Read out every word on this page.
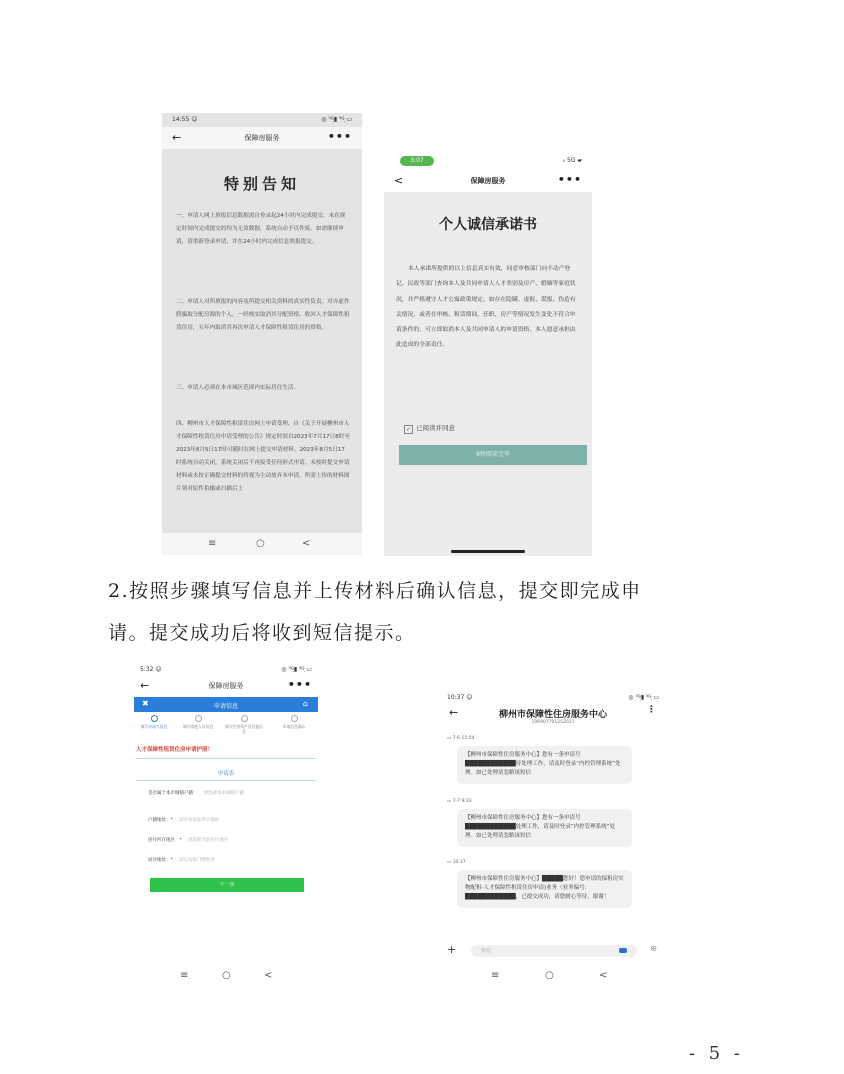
14:55 ☺	◎ ⁵ᴳ᷊▮ ⁵ᴳ᷊ ▭
←	保障房服务	•••
特别告知
一、申请人网上填报信息数据需自登录起24小时内完成提交，未在规定时间内完成提交的均为无效数据，系统自动予以作废。如需继续申请，请重新登录申请，并在24小时内完成信息填报提交。
二、申请人对所填报的内容及所提交相关资料的真实性负责。对弄虚作假骗取分配房源的个人，一经核实取消其分配资格，收回人才保障性租赁住房，五年内取消其再次申请人才保障性租赁住房的资格。
三、申请人必须在本市城区范围内实际居住生活。
四、柳州市人才保障性租赁住房网上申请受理，自《关于开展柳州市人才保障性租赁住房申请受理的公告》规定时间自2023年7月17日8时至2023年8月5日17时可随时在网上提交申请材料。2023年8月5日17时系统自动关闭，系统关闭后不再接受任何形式申请。未按时提交申请材料或未按正确提交材料的将视为主动放弃本申请，所需上传的材料图片须对原件拍摄或扫描后上
≡	○	<
3:07	ᵢₗ 5G ▰
<	保障房服务	•••
个人诚信承诺书
本人承诺所提供的以上信息真实有效，同意审核部门向不动产登记、民政等部门查询本人及共同申请人人才类别及房产、婚姻等家庭状况，并严格遵守人才公寓政策规定，如存在隐瞒、虚报、谎报、伪造有关情况，或者在审核、租赁期间，任职、房产等情况发生变化不符合申请条件的，可立即取消本人及共同申请人的申请资格，本人愿意承担由此造成的全部责任。
✓ 已阅读并同意
9秒阅读完毕
2.按照步骤填写信息并上传材料后确认信息，提交即完成申
请。提交成功后将收到短信提示。
5:32 ☺	◎ ⁵ᴳ᷊▮ ⁵ᴳ᷊ ▭
←	保障房服务	•••
✖	申请信息	⌂
填写申请人信息	填写家庭人员信息	填写住房资产及其他信息
申请信息确认
人才保障性租赁住房申请护照！
申请表
是否属于本市城镇户籍： 请选择本市城镇户籍
户籍地址：* 请写身份证所示地址
居住所在地区：* 请选择当前居住地区
居住地址：* 请写具体门牌地址
下一步
≡	○	<
10:37 ☺	◎ ⁵ᴳ᷊▮ ⁵ᴳ᷊ ▭
←	柳州市保障性住房服务中心
1069077912520​21
⋮
▭ 7-6 15:04
【柳州市保障性住房服务中心】您有一条申请号████████████待处理工作，请及时登录“内控管理系统”处理。如已处理请忽略该短信
▭ 7-7 9:33
【柳州市保障性住房服务中心】您有一条申请号████████████处理工作，请及时登录“内控管理系统”处理。如已处理请忽略该短信
▭ 10:37
【柳州市保障性住房服务中心】█████您好！您申请的保租房实物配租-人才保障性租赁住房申请)业务（业务编号：████████████，已提交成功，请您耐心等待，谢谢！
+	短信	⊕
≡	○	<
- 5 -
